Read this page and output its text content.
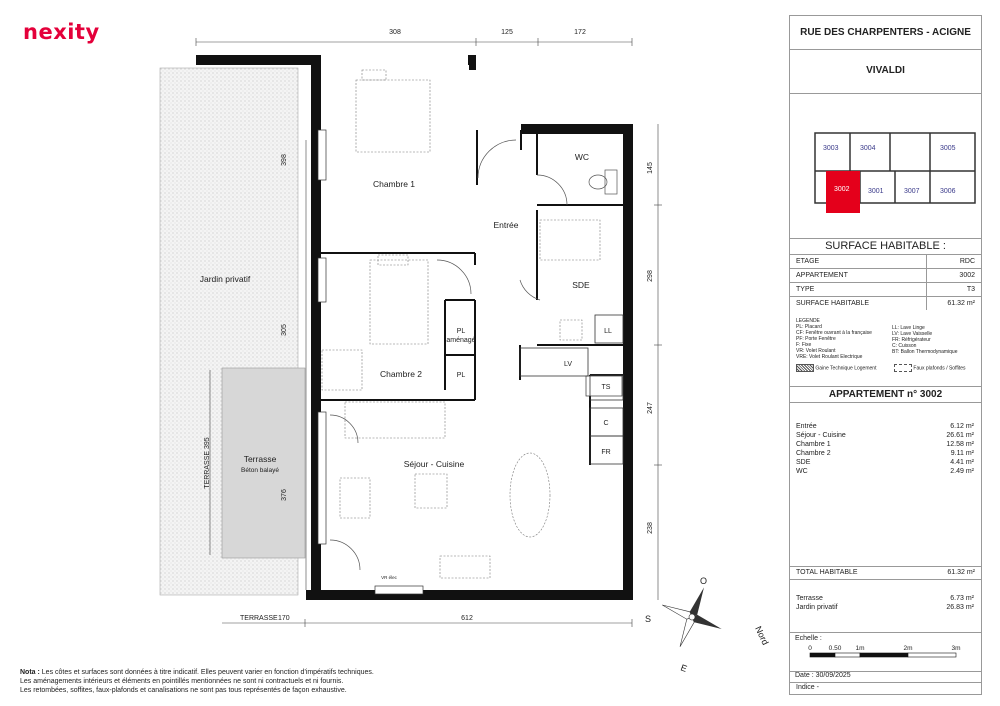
nexity	308	125	172
145
298
247
238
398
305
376
TERRASSE 395
TERRASSE 170	612
Chambre 1
Entrée
WC
SDE
Chambre 2
Séjour - Cuisine
Jardin privatif
Terrasse
Béton balayé
PL
aménagé
PL
LL
LV
TS
C
FR
VR élec	O
S
E
Nord
Nota : Les côtes et surfaces sont données à titre indicatif. Elles peuvent varier en fonction d'impératifs techniques.
Les aménagements intérieurs et éléments en pointillés mentionnées ne sont ni contractuels et ni fournis.
Les retombées, soffites, faux-plafonds et canalisations ne sont pas tous représentés de façon exhaustive.
RUE DES CHARPENTERS - ACIGNE
VIVALDI
3003	3004	3005
3002	3001	3007	3006
SURFACE HABITABLE :
ETAGE	RDC
APPARTEMENT	3002
TYPE	T3
SURFACE HABITABLE	61.32 m²
LEGENDE
PL: Placard
CF: Fenêtre ouvrant à la française
PF: Porte Fenêtre
F: Fixe
VR: Volet Roulant
VRE: Volet Roulant Electrique
LL: Lave Linge
LV: Lave Vaisselle
FR: Réfrigérateur
C: Cuisson
BT: Ballon Thermodynamique
Gaine Technique Logement	Faux plafonds / Soffites
APPARTEMENT n° 3002
Entrée	6.12 m²
Séjour - Cuisine	26.61 m²
Chambre 1	12.58 m²
Chambre 2	9.11 m²
SDE	4.41 m²
WC	2.49 m²
TOTAL HABITABLE	61.32 m²
Terrasse	6.73 m²
Jardin privatif	26.83 m²
Echelle :
0	0.50 1m	2m	3m
Date : 30/09/2025
Indice -
